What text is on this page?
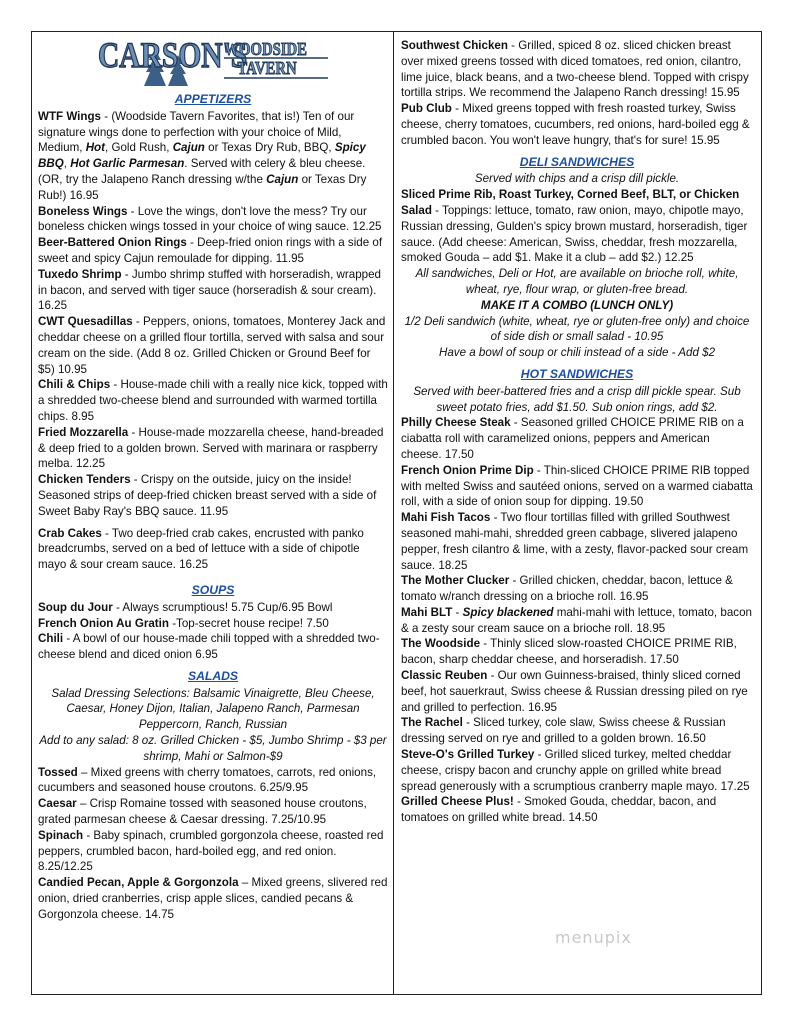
CARSON'S
WOODSIDE
TAVERN
APPETIZERS
WTF Wings - (Woodside Tavern Favorites, that is!) Ten of our signature wings done to perfection with your choice of Mild, Medium, Hot, Gold Rush, Cajun or Texas Dry Rub, BBQ, Spicy BBQ, Hot Garlic Parmesan. Served with celery & bleu cheese. (OR, try the Jalapeno Ranch dressing w/the Cajun or Texas Dry Rub!) 16.95
Boneless Wings - Love the wings, don't love the mess? Try our boneless chicken wings tossed in your choice of wing sauce. 12.25
Beer-Battered Onion Rings - Deep-fried onion rings with a side of sweet and spicy Cajun remoulade for dipping. 11.95
Tuxedo Shrimp - Jumbo shrimp stuffed with horseradish, wrapped in bacon, and served with tiger sauce (horseradish & sour cream). 16.25
CWT Quesadillas - Peppers, onions, tomatoes, Monterey Jack and cheddar cheese on a grilled flour tortilla, served with salsa and sour cream on the side. (Add 8 oz. Grilled Chicken or Ground Beef for $5) 10.95
Chili & Chips - House-made chili with a really nice kick, topped with a shredded two-cheese blend and surrounded with warmed tortilla chips. 8.95
Fried Mozzarella - House-made mozzarella cheese, hand-breaded & deep fried to a golden brown. Served with marinara or raspberry melba. 12.25
Chicken Tenders - Crispy on the outside, juicy on the inside! Seasoned strips of deep-fried chicken breast served with a side of Sweet Baby Ray's BBQ sauce. 11.95
Crab Cakes - Two deep-fried crab cakes, encrusted with panko breadcrumbs, served on a bed of lettuce with a side of chipotle mayo & sour cream sauce. 16.25
SOUPS
Soup du Jour - Always scrumptious! 5.75 Cup/6.95 Bowl
French Onion Au Gratin -Top-secret house recipe! 7.50
Chili - A bowl of our house-made chili topped with a shredded two-cheese blend and diced onion 6.95
SALADS
Salad Dressing Selections: Balsamic Vinaigrette, Bleu Cheese, Caesar, Honey Dijon, Italian, Jalapeno Ranch, Parmesan Peppercorn, Ranch, Russian
Add to any salad: 8 oz. Grilled Chicken - $5, Jumbo Shrimp - $3 per shrimp, Mahi or Salmon-$9
Tossed – Mixed greens with cherry tomatoes, carrots, red onions, cucumbers and seasoned house croutons. 6.25/9.95
Caesar – Crisp Romaine tossed with seasoned house croutons, grated parmesan cheese & Caesar dressing. 7.25/10.95
Spinach - Baby spinach, crumbled gorgonzola cheese, roasted red peppers, crumbled bacon, hard-boiled egg, and red onion. 8.25/12.25
Candied Pecan, Apple & Gorgonzola – Mixed greens, slivered red onion, dried cranberries, crisp apple slices, candied pecans & Gorgonzola cheese. 14.75
Southwest Chicken - Grilled, spiced 8 oz. sliced chicken breast over mixed greens tossed with diced tomatoes, red onion, cilantro, lime juice, black beans, and a two-cheese blend. Topped with crispy tortilla strips. We recommend the Jalapeno Ranch dressing! 15.95
Pub Club - Mixed greens topped with fresh roasted turkey, Swiss cheese, cherry tomatoes, cucumbers, red onions, hard-boiled egg & crumbled bacon. You won't leave hungry, that's for sure! 15.95
DELI SANDWICHES
Served with chips and a crisp dill pickle.
Sliced Prime Rib, Roast Turkey, Corned Beef, BLT, or Chicken Salad - Toppings: lettuce, tomato, raw onion, mayo, chipotle mayo, Russian dressing, Gulden's spicy brown mustard, horseradish, tiger sauce. (Add cheese: American, Swiss, cheddar, fresh mozzarella, smoked Gouda – add $1. Make it a club – add $2.) 12.25
All sandwiches, Deli or Hot, are available on brioche roll, white, wheat, rye, flour wrap, or gluten-free bread.
MAKE IT A COMBO (LUNCH ONLY)
1/2 Deli sandwich (white, wheat, rye or gluten-free only) and choice of side dish or small salad - 10.95
Have a bowl of soup or chili instead of a side - Add $2
HOT SANDWICHES
Served with beer-battered fries and a crisp dill pickle spear. Sub sweet potato fries, add $1.50. Sub onion rings, add $2.
Philly Cheese Steak - Seasoned grilled CHOICE PRIME RIB on a ciabatta roll with caramelized onions, peppers and American cheese. 17.50
French Onion Prime Dip - Thin-sliced CHOICE PRIME RIB topped with melted Swiss and sautéed onions, served on a warmed ciabatta roll, with a side of onion soup for dipping. 19.50
Mahi Fish Tacos - Two flour tortillas filled with grilled Southwest seasoned mahi-mahi, shredded green cabbage, slivered jalapeno pepper, fresh cilantro & lime, with a zesty, flavor-packed sour cream sauce. 18.25
The Mother Clucker - Grilled chicken, cheddar, bacon, lettuce & tomato w/ranch dressing on a brioche roll. 16.95
Mahi BLT - Spicy blackened mahi-mahi with lettuce, tomato, bacon & a zesty sour cream sauce on a brioche roll. 18.95
The Woodside - Thinly sliced slow-roasted CHOICE PRIME RIB, bacon, sharp cheddar cheese, and horseradish. 17.50
Classic Reuben - Our own Guinness-braised, thinly sliced corned beef, hot sauerkraut, Swiss cheese & Russian dressing piled on rye and grilled to perfection. 16.95
The Rachel - Sliced turkey, cole slaw, Swiss cheese & Russian dressing served on rye and grilled to a golden brown. 16.50
Steve-O's Grilled Turkey - Grilled sliced turkey, melted cheddar cheese, crispy bacon and crunchy apple on grilled white bread spread generously with a scrumptious cranberry maple mayo. 17.25
Grilled Cheese Plus! - Smoked Gouda, cheddar, bacon, and tomatoes on grilled white bread. 14.50
menupix
